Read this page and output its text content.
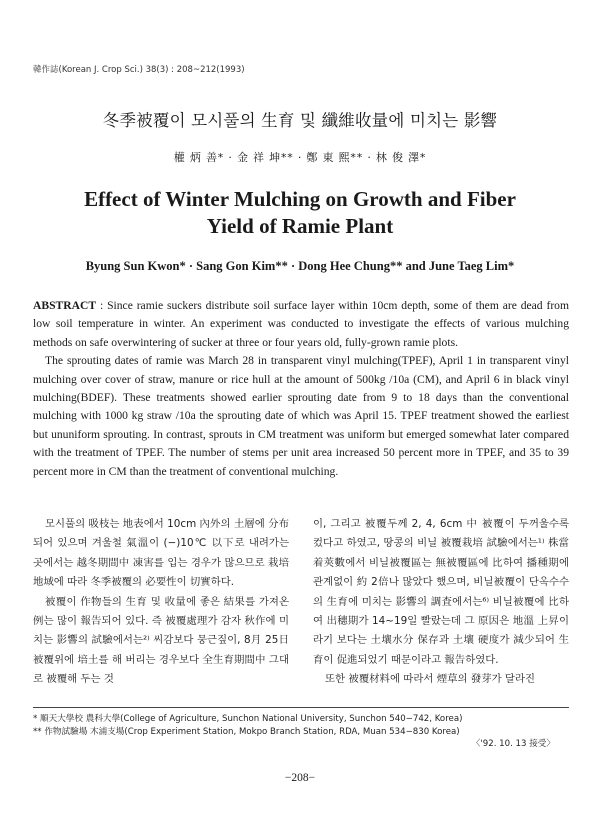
韓作誌(Korean J. Crop Sci.) 38(3) : 208~212(1993)
冬季被覆이 모시풀의 生育 및 纖維收量에 미치는 影響
權 炳 善* · 金 祥 坤** · 鄭 東 熙** · 林 俊 澤*
Effect of Winter Mulching on Growth and Fiber
Yield of Ramie Plant
Byung Sun Kwon* · Sang Gon Kim** · Dong Hee Chung** and June Taeg Lim*

ABSTRACT : Since ramie suckers distribute soil surface layer within 10cm depth, some of them are dead from low soil temperature in winter. An experiment was conducted to investigate the effects of various mulching methods on safe overwintering of sucker at three or four years old, fully-grown ramie plots.

The sprouting dates of ramie was March 28 in transparent vinyl mulching(TPEF), April 1 in transparent vinyl mulching over cover of straw, manure or rice hull at the amount of 500kg /10a (CM), and April 6 in black vinyl mulching(BDEF). These treatments showed earlier sprouting date from 9 to 18 days than the conventional mulching with 1000 kg straw /10a the sprouting date of which was April 15. TPEF treatment showed the earliest but ununiform sprouting. In contrast, sprouts in CM treatment was uniform but emerged somewhat later compared with the treatment of TPEF. The number of stems per unit area increased 50 percent more in TPEF, and 35 to 39 percent more in CM than the treatment of conventional mulching.

모시풀의 吸枝는 地表에서 10cm 內外의 土層에 分布되어 있으며 겨울철 氣溫이 (−)10℃ 以下로 내려가는 곳에서는 越冬期間中 凍害를 입는 경우가 많으므로 栽培地域에 따라 冬季被覆의 必要性이 切實하다.

被覆이 作物들의 生育 및 收量에 좋은 結果를 가져온 例는 많이 報告되어 있다. 즉 被覆處理가 감자 秋作에 미치는 影響의 試驗에서는²⁾ 씨감보다 뭉근짚이, 8月 25日 被覆위에 培土를 해 버리는 경우보다 全生育期間中 그대로 被覆해 두는 것

이, 그리고 被覆두께 2, 4, 6cm 中 被覆이 두꺼울수록 컸다고 하였고, 땅콩의 비닐 被覆栽培 試驗에서는¹⁾ 株當 着莢數에서 비닐被覆區는 無被覆區에 比하여 播種期에 관계없이 約 2倍나 많았다 했으며, 비닐被覆이 단옥수수의 生育에 미치는 影響의 調査에서는⁶⁾ 비닐被覆에 比하여 出穗期가 14~19일 빨랐는데 그 原因은 地溫 上昇이라기 보다는 土壤水分 保存과 土壤 硬度가 減少되어 生育이 促進되었기 때문이라고 報告하였다.

또한 被覆材料에 따라서 煙草의 發芽가 달라진

* 順天大學校 農科大學(College of Agriculture, Sunchon National University, Sunchon 540−742, Korea)
** 作物試驗場 木浦支場(Crop Experiment Station, Mokpo Branch Station, RDA, Muan 534−830 Korea)
〈'92. 10. 13 接受〉
−208−
